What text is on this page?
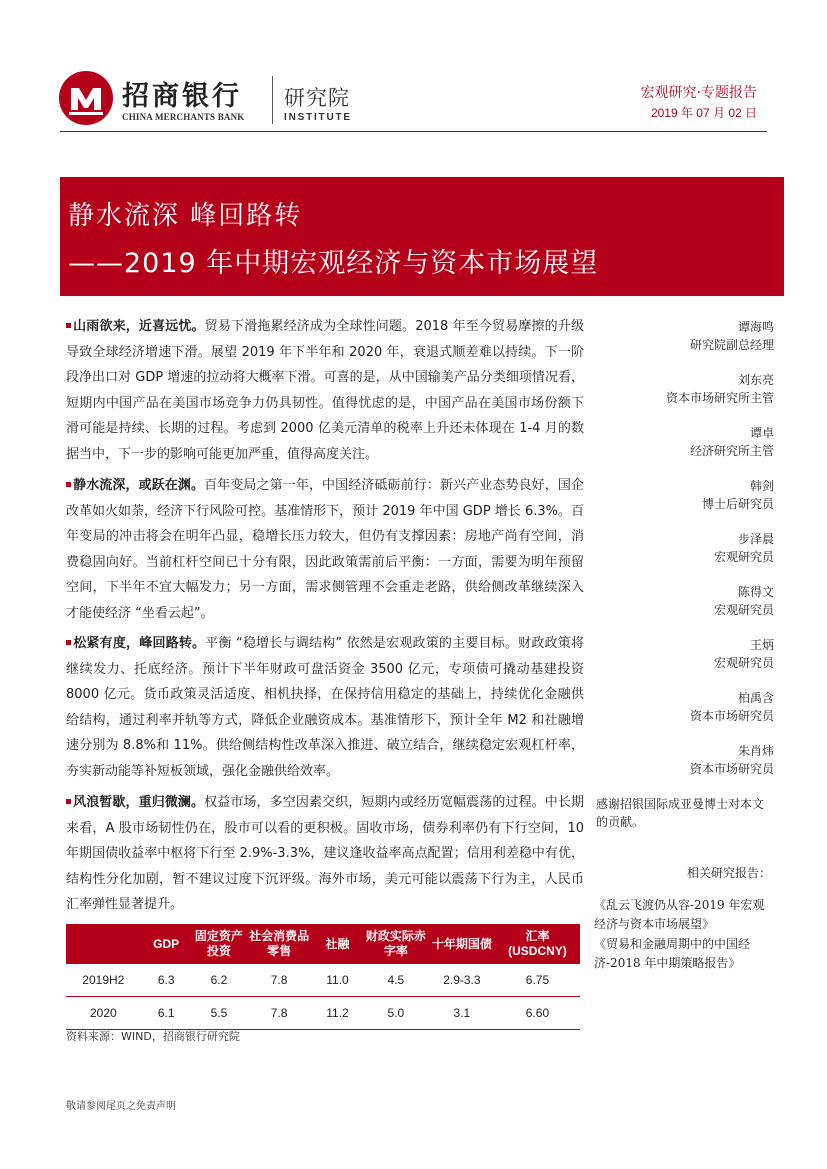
招商银行
CHINA MERCHANTS BANK
研究院
INSTITUTE
宏观研究·专题报告
2019 年 07 月 02 日
静水流深 峰回路转
——2019 年中期宏观经济与资本市场展望
山雨欲来，近喜远忧。贸易下滑拖累经济成为全球性问题。2018 年至今贸易摩擦的升级导致全球经济增速下滑。展望 2019 年下半年和 2020 年，衰退式顺差难以持续。下一阶段净出口对 GDP 增速的拉动将大概率下滑。可喜的是，从中国输美产品分类细项情况看，短期内中国产品在美国市场竞争力仍具韧性。值得忧虑的是，中国产品在美国市场份额下滑可能是持续、长期的过程。考虑到 2000 亿美元清单的税率上升还未体现在 1-4 月的数据当中，下一步的影响可能更加严重，值得高度关注。
静水流深，或跃在渊。百年变局之第一年，中国经济砥砺前行：新兴产业态势良好，国企改革如火如荼，经济下行风险可控。基准情形下，预计 2019 年中国 GDP 增长 6.3%。百年变局的冲击将会在明年凸显，稳增长压力较大，但仍有支撑因素：房地产尚有空间，消费稳固向好。当前杠杆空间已十分有限，因此政策需前后平衡：一方面，需要为明年预留空间，下半年不宜大幅发力；另一方面，需求侧管理不会重走老路，供给侧改革继续深入才能使经济 “坐看云起”。
松紧有度，峰回路转。平衡 “稳增长与调结构” 依然是宏观政策的主要目标。财政政策将继续发力、托底经济。预计下半年财政可盘活资金 3500 亿元，专项债可撬动基建投资 8000 亿元。货币政策灵活适度、相机抉择，在保持信用稳定的基础上，持续优化金融供给结构，通过利率并轨等方式，降低企业融资成本。基准情形下，预计全年 M2 和社融增速分别为 8.8%和 11%。供给侧结构性改革深入推进、破立结合，继续稳定宏观杠杆率，夯实新动能等补短板领域，强化金融供给效率。
风浪暂歇，重归微澜。权益市场，多空因素交织，短期内或经历宽幅震荡的过程。中长期来看，A 股市场韧性仍在，股市可以看的更积极。固收市场，债券利率仍有下行空间，10 年期国债收益率中枢将下行至 2.9%-3.3%，建议逢收益率高点配置；信用利差稳中有优，结构性分化加剧，暂不建议过度下沉评级。海外市场，美元可能以震荡下行为主，人民币汇率弹性显著提升。
	GDP	固定资产投资	社会消费品零售	社融	财政实际赤字率	十年期国债	汇率(USDCNY)
2019H2	6.3	6.2	7.8	11.0	4.5	2.9-3.3	6.75
2020	6.1	5.5	7.8	11.2	5.0	3.1	6.60
资料来源：WIND，招商银行研究院
谭海鸣
研究院副总经理
刘东亮
资本市场研究所主管
谭卓
经济研究所主管
韩剑
博士后研究员
步泽晨
宏观研究员
陈得文
宏观研究员
王炳
宏观研究员
柏禹含
资本市场研究员
朱肖炜
资本市场研究员
感谢招银国际成亚曼博士对本文的贡献。
相关研究报告：
《乱云飞渡仍从容-2019 年宏观经济与资本市场展望》
《贸易和金融周期中的中国经济-2018 年中期策略报告》
敬请参阅尾页之免责声明
